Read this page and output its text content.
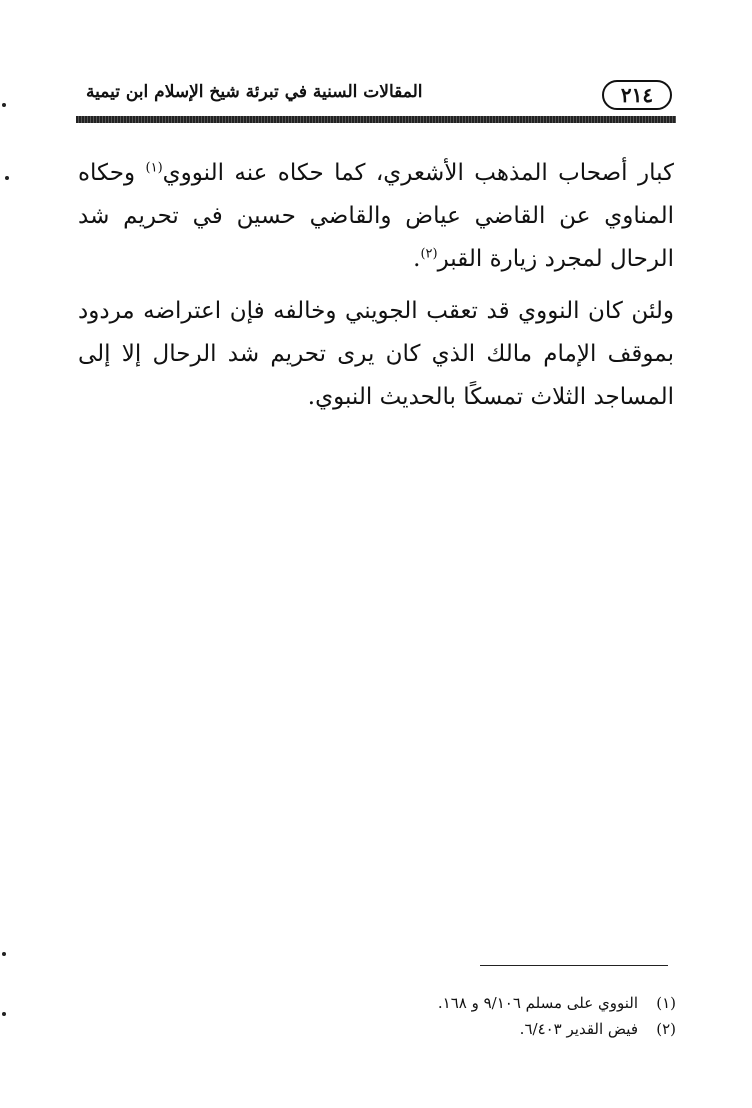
٢١٤
المقالات السنية في تبرئة شيخ الإسلام ابن تيمية

كبار أصحاب المذهب الأشعري، كما حكاه عنه النووي$^{(١)}$ وحكاه المناوي عن القاضي عياض والقاضي حسين في تحريم شد الرحال لمجرد زيارة القبر$^{(٢)}$.

ولئن كان النووي قد تعقب الجويني وخالفه فإن اعتراضه مردود بموقف الإمام مالك الذي كان يرى تحريم شد الرحال إلا إلى المساجد الثلاث تمسكًا بالحديث النبوي.

(١)
النووي على مسلم ٩/١٠٦ و ١٦٨.
(٢)
فيض القدير ٦/٤٠٣.
